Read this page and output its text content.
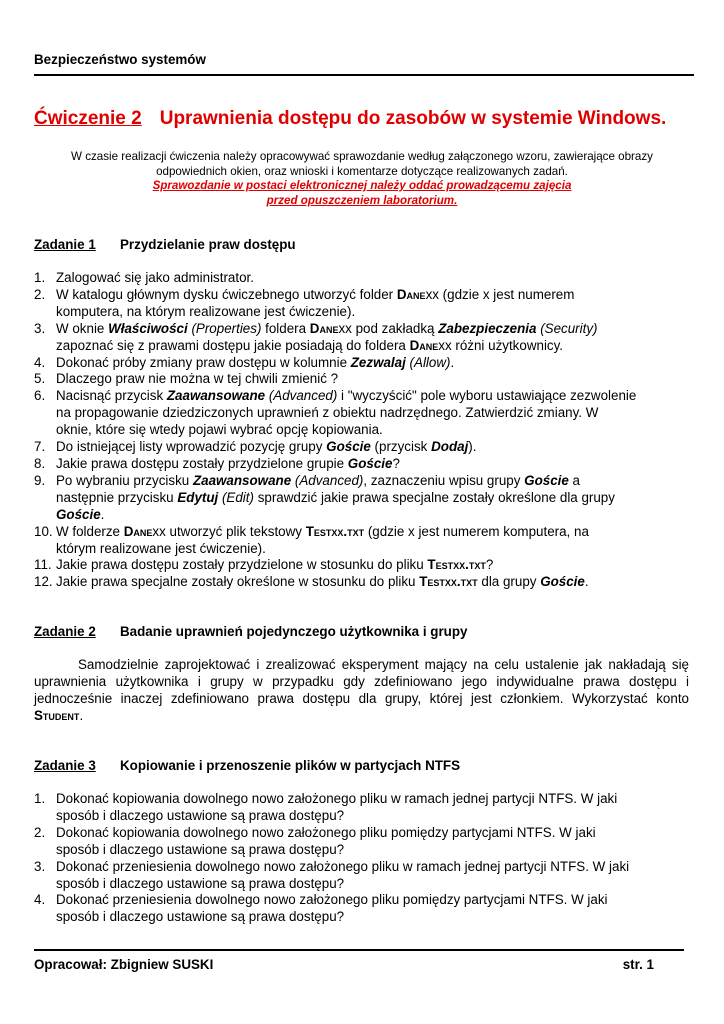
Bezpieczeństwo systemów
Ćwiczenie 2 Uprawnienia dostępu do zasobów w systemie Windows.
W czasie realizacji ćwiczenia należy opracowywać sprawozdanie według załączonego wzoru, zawierające obrazy
odpowiednich okien, oraz wnioski i komentarze dotyczące realizowanych zadań.
Sprawozdanie w postaci elektronicznej należy oddać prowadzącemu zajęcia
przed opuszczeniem laboratorium.
Zadanie 1 Przydzielanie praw dostępu
1. Zalogować się jako administrator.
2. W katalogu głównym dysku ćwiczebnego utworzyć folder Danexx (gdzie x jest numerem
komputera, na którym realizowane jest ćwiczenie).
3. W oknie Właściwości (Properties) foldera Danexx pod zakładką Zabezpieczenia (Security)
zapoznać się z prawami dostępu jakie posiadają do foldera Danexx różni użytkownicy.
4. Dokonać próby zmiany praw dostępu w kolumnie Zezwalaj (Allow).
5. Dlaczego praw nie można w tej chwili zmienić ?
6. Nacisnąć przycisk Zaawansowane (Advanced) i "wyczyścić" pole wyboru ustawiające zezwolenie
na propagowanie dziedziczonych uprawnień z obiektu nadrzędnego. Zatwierdzić zmiany. W
oknie, które się wtedy pojawi wybrać opcję kopiowania.
7. Do istniejącej listy wprowadzić pozycję grupy Goście (przycisk Dodaj).
8. Jakie prawa dostępu zostały przydzielone grupie Goście?
9. Po wybraniu przycisku Zaawansowane (Advanced), zaznaczeniu wpisu grupy Goście a
następnie przycisku Edytuj (Edit) sprawdzić jakie prawa specjalne zostały określone dla grupy
Goście.
10. W folderze Danexx utworzyć plik tekstowy Testxx.txt (gdzie x jest numerem komputera, na
którym realizowane jest ćwiczenie).
11. Jakie prawa dostępu zostały przydzielone w stosunku do pliku Testxx.txt?
12. Jakie prawa specjalne zostały określone w stosunku do pliku Testxx.txt dla grupy Goście.
Zadanie 2 Badanie uprawnień pojedynczego użytkownika i grupy
Samodzielnie zaprojektować i zrealizować eksperyment mający na celu ustalenie jak nakładają się uprawnienia użytkownika i grupy w przypadku gdy zdefiniowano jego indywidualne prawa dostępu i jednocześnie inaczej zdefiniowano prawa dostępu dla grupy, której jest członkiem. Wykorzystać konto Student.
Zadanie 3 Kopiowanie i przenoszenie plików w partycjach NTFS
1. Dokonać kopiowania dowolnego nowo założonego pliku w ramach jednej partycji NTFS. W jaki
sposób i dlaczego ustawione są prawa dostępu?
2. Dokonać kopiowania dowolnego nowo założonego pliku pomiędzy partycjami NTFS. W jaki
sposób i dlaczego ustawione są prawa dostępu?
3. Dokonać przeniesienia dowolnego nowo założonego pliku w ramach jednej partycji NTFS. W jaki
sposób i dlaczego ustawione są prawa dostępu?
4. Dokonać przeniesienia dowolnego nowo założonego pliku pomiędzy partycjami NTFS. W jaki
sposób i dlaczego ustawione są prawa dostępu?
Opracował: Zbigniew SUSKI	str. 1
